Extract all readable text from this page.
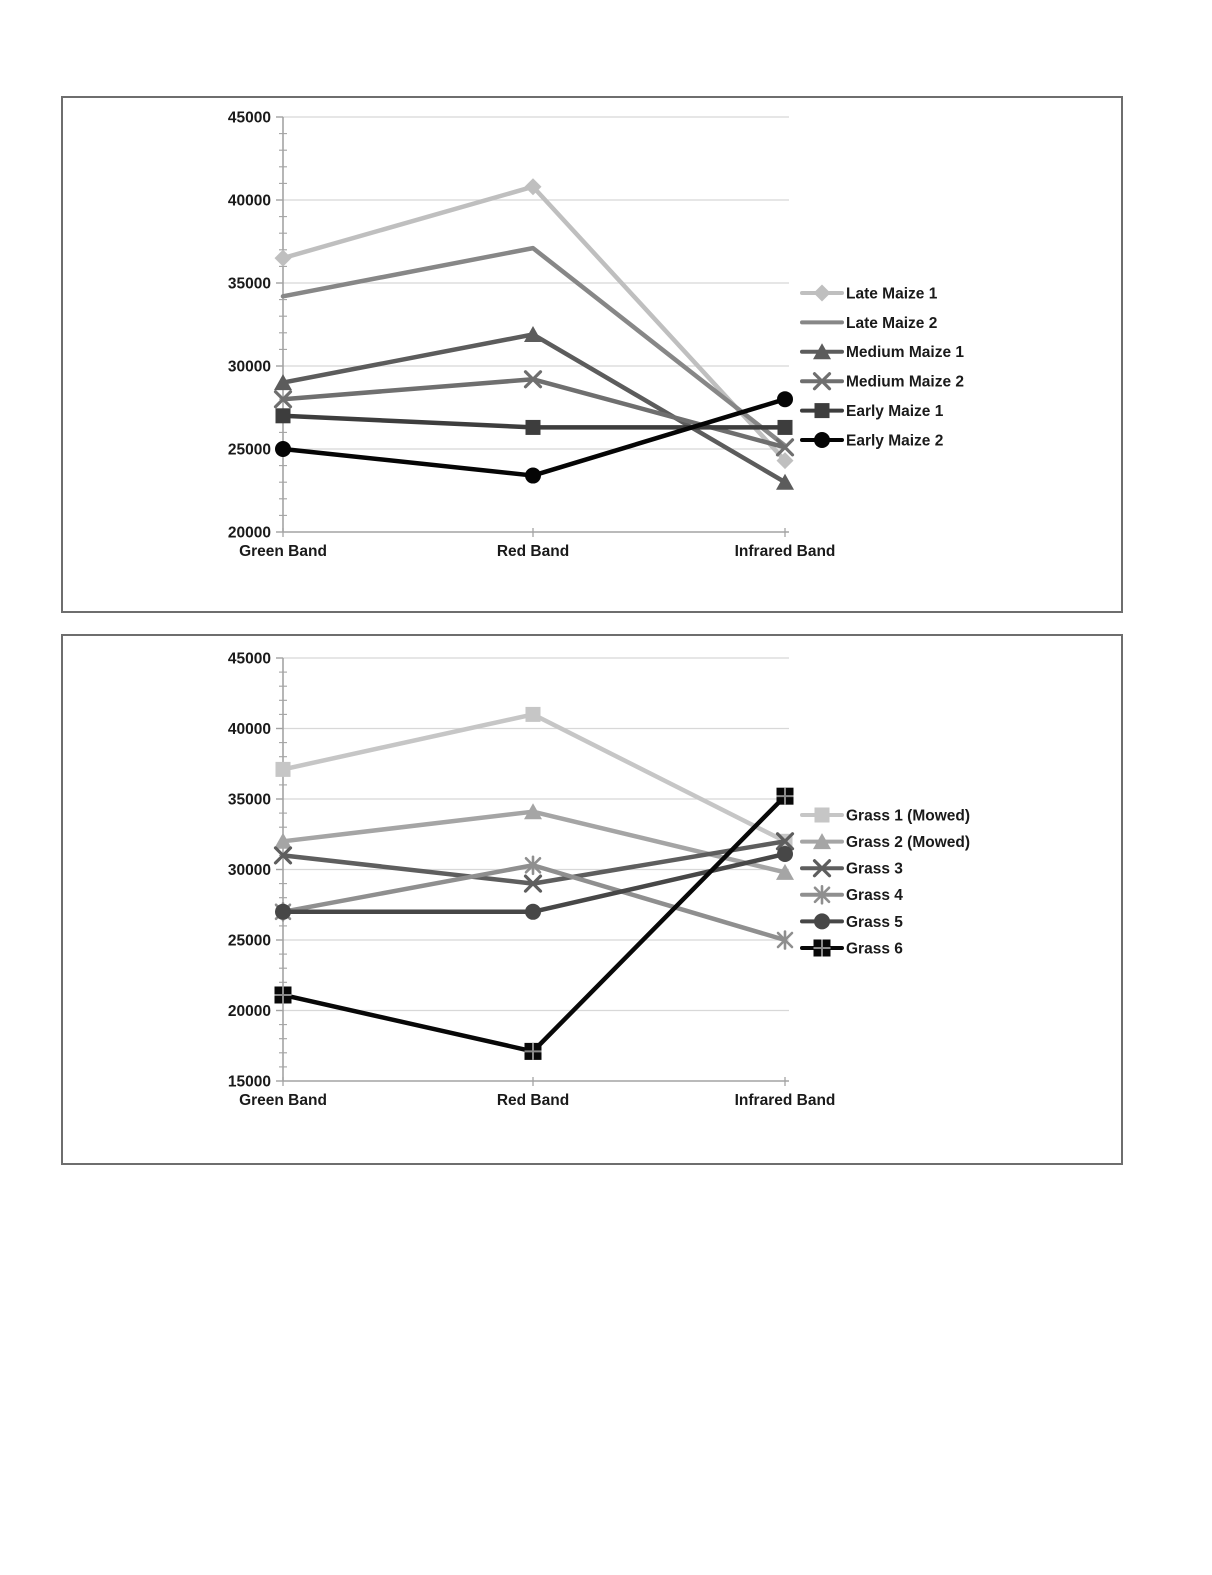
20000
25000
30000
35000
40000
45000
Green Band	Red Band	Infrared Band
Late Maize 1
Late Maize 2
Medium Maize 1
Medium Maize 2
Early Maize 1
Early Maize 2
15000
20000
25000
30000
35000
40000
45000
Green Band	Red Band	Infrared Band
Grass 1 (Mowed)
Grass 2 (Mowed)
Grass 3
Grass 4
Grass 5
Grass 6
